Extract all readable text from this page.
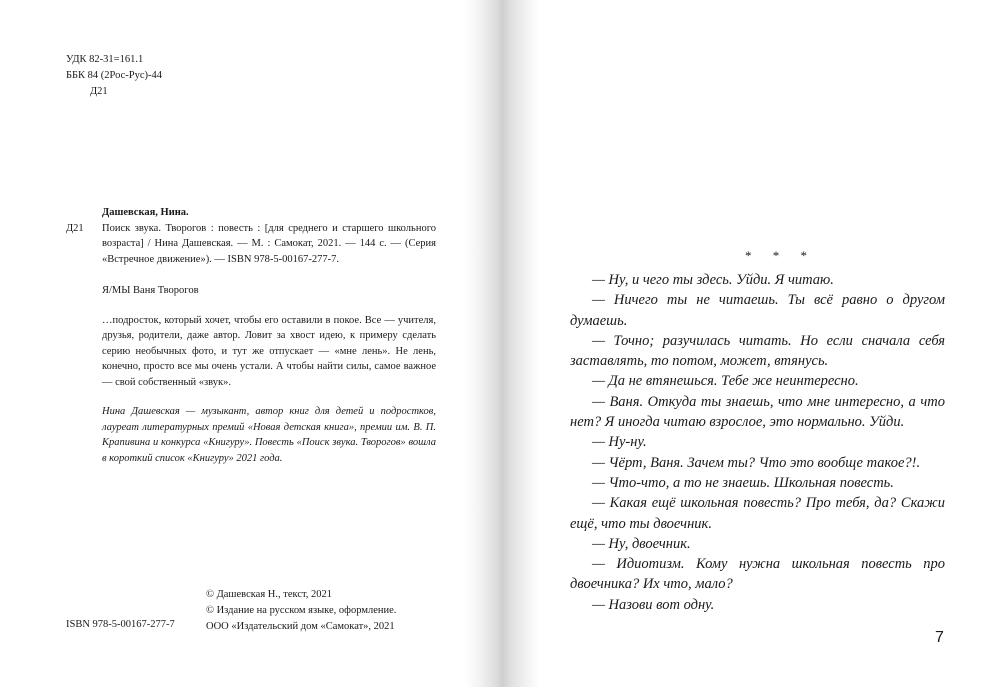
УДК 82-31=161.1
ББК 84 (2Рос-Рус)-44
Д21
Дашевская, Нина.
Д21 Поиск звука. Творогов : повесть : [для среднего и старшего школьного возраста] / Нина Дашевская. — М. : Самокат, 2021. — 144 с. — (Серия «Встречное движение»). — ISBN 978-5-00167-277-7.
Я/МЫ Ваня Творогов
…подросток, который хочет, чтобы его оставили в покое. Все — учителя, друзья, родители, даже автор. Ловит за хвост идею, к примеру сделать серию необычных фото, и тут же отпускает — «мне лень». Не лень, конечно, просто все мы очень устали. А чтобы найти силы, самое важное — свой собственный «звук».
Нина Дашевская — музыкант, автор книг для детей и подростков, лауреат литературных премий «Новая детская книга», премии им. В. П. Крапивина и конкурса «Книгуру». Повесть «Поиск звука. Творогов» вошла в короткий список «Книгуру» 2021 года.
ISBN 978-5-00167-277-7
© Дашевская Н., текст, 2021
© Издание на русском языке, оформление.
ООО «Издательский дом «Самокат», 2021
* * *

— Ну, и чего ты здесь. Уйди. Я читаю.

— Ничего ты не читаешь. Ты всё равно о другом думаешь.

— Точно; разучилась читать. Но если сначала себя заставлять, то потом, может, втянусь.

— Да не втянешься. Тебе же неинтересно.

— Ваня. Откуда ты знаешь, что мне интересно, а что нет? Я иногда читаю взрослое, это нормально. Уйди.

— Ну-ну.

— Чёрт, Ваня. Зачем ты? Что это вообще такое?!.

— Что-что, а то не знаешь. Школьная повесть.

— Какая ещё школьная повесть? Про тебя, да? Скажи ещё, что ты двоечник.

— Ну, двоечник.

— Идиотизм. Кому нужна школьная повесть про двоечника? Их что, мало?

— Назови вот одну.

7
